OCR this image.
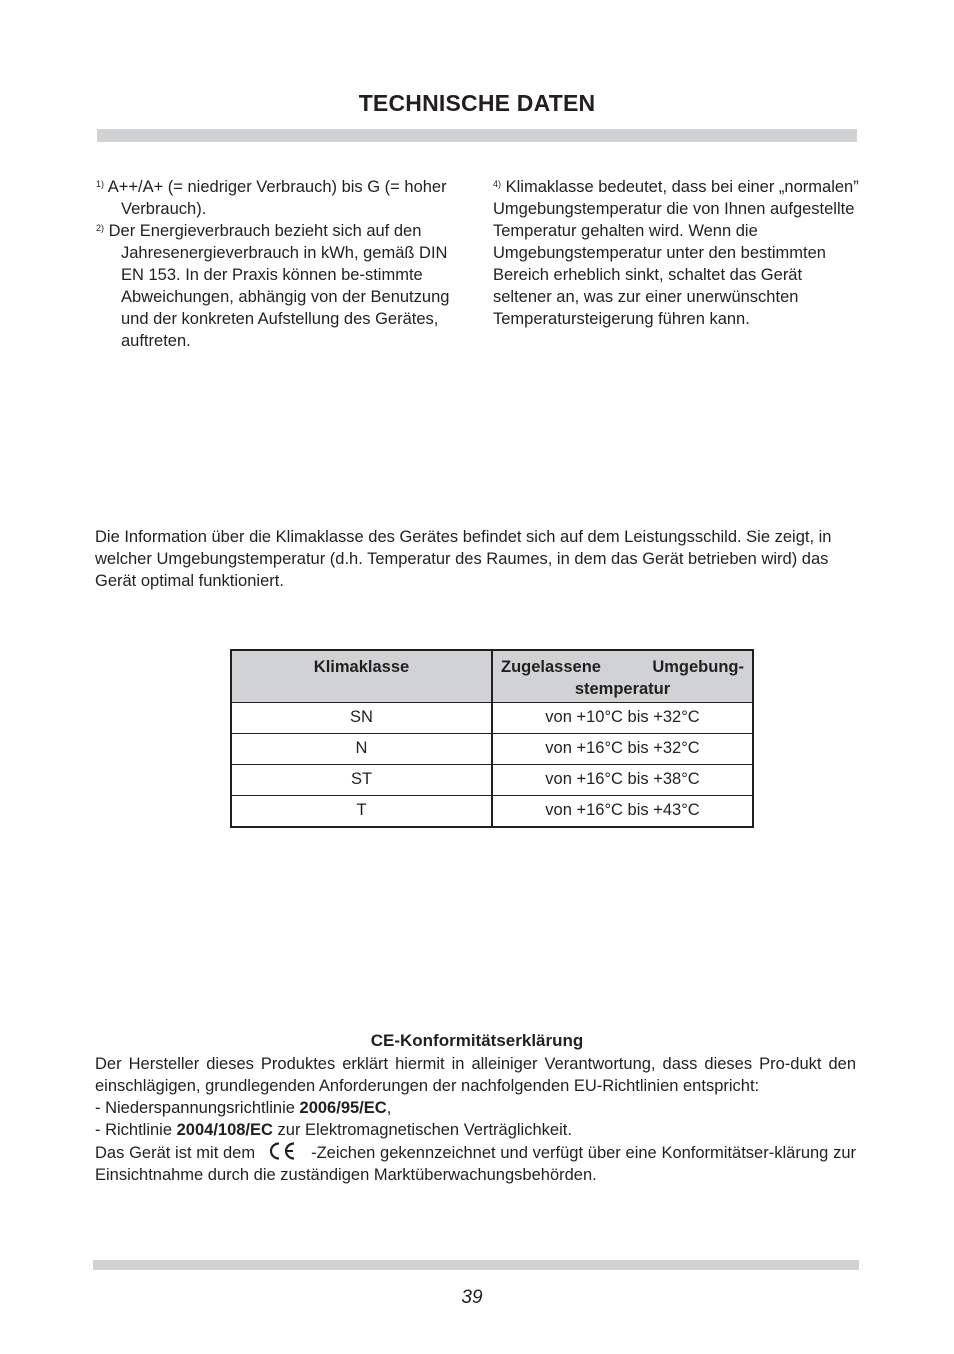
TECHNISCHE DATEN
$^{1)}$ A++/A+ (= niedriger Verbrauch) bis G (= hoher Verbrauch).
$^{2)}$ Der Energieverbrauch bezieht sich auf den Jahresenergieverbrauch in kWh, gemäß DIN EN 153. In der Praxis können be-stimmte Abweichungen, abhängig von der Benutzung und der konkreten Aufstellung des Gerätes, auftreten.
$^{4)}$ Klimaklasse bedeutet, dass bei einer „normalen” Umgebungstemperatur die von Ihnen aufgestellte Temperatur gehalten wird. Wenn die Umgebungstemperatur unter den bestimmten Bereich erheblich sinkt, schaltet das Gerät seltener an, was zur einer unerwünschten Temperatursteigerung führen kann.
Die Information über die Klimaklasse des Gerätes befindet sich auf dem Leistungsschild. Sie zeigt, in welcher Umgebungstemperatur (d.h. Temperatur des Raumes, in dem das Gerät betrieben wird) das Gerät optimal funktioniert.
Klimaklasse	Zugelassene Umgebung-stemperatur
SN	von +10°C bis +32°C
N	von +16°C bis +32°C
ST	von +16°C bis +38°C
T	von +16°C bis +43°C
CE-Konformitätserklärung
Der Hersteller dieses Produktes erklärt hiermit in alleiniger Verantwortung, dass dieses Pro-dukt den einschlägigen, grundlegenden Anforderungen der nachfolgenden EU-Richtlinien entspricht:
- Niederspannungsrichtlinie 2006/95/EC,
- Richtlinie 2004/108/EC zur Elektromagnetischen Verträglichkeit.
Das Gerät ist mit dem	-Zeichen gekennzeichnet und verfügt über eine Konformitätser-klärung zur Einsichtnahme durch die zuständigen Marktüberwachungsbehörden.
39
